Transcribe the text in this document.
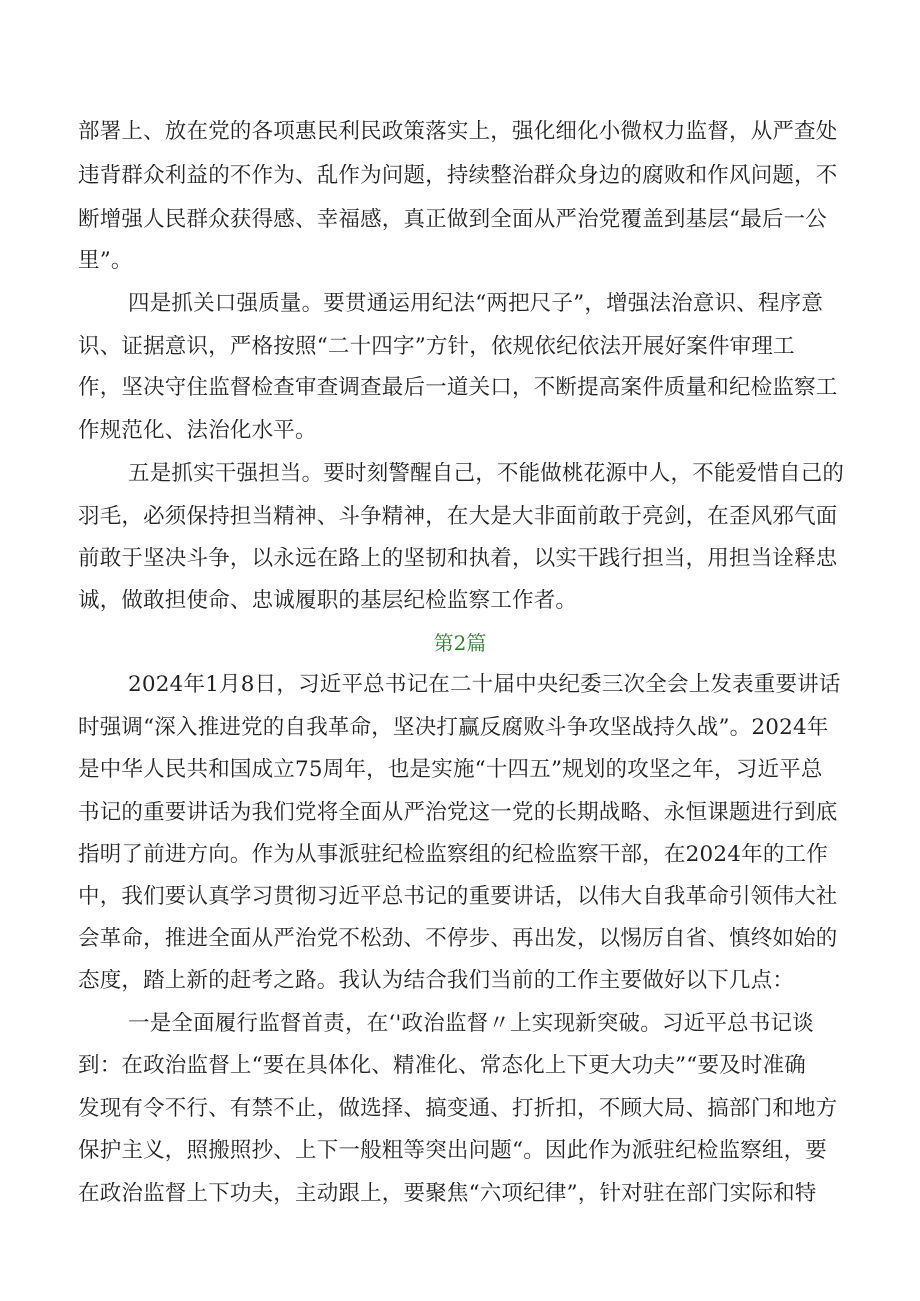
部署上、放在党的各项惠民利民政策落实上，强化细化小微权力监督，从严查处
违背群众利益的不作为、乱作为问题，持续整治群众身边的腐败和作风问题，不
断增强人民群众获得感、幸福感，真正做到全面从严治党覆盖到基层“最后一公
里”。
四是抓关口强质量。要贯通运用纪法“两把尺子”，增强法治意识、程序意
识、证据意识，严格按照“二十四字”方针，依规依纪依法开展好案件审理工
作，坚决守住监督检查审查调查最后一道关口，不断提高案件质量和纪检监察工
作规范化、法治化水平。
五是抓实干强担当。要时刻警醒自己，不能做桃花源中人，不能爱惜自己的
羽毛，必须保持担当精神、斗争精神，在大是大非面前敢于亮剑，在歪风邪气面
前敢于坚决斗争，以永远在路上的坚韧和执着，以实干践行担当，用担当诠释忠
诚，做敢担使命、忠诚履职的基层纪检监察工作者。
第2篇
2024年1月8日，习近平总书记在二十届中央纪委三次全会上发表重要讲话
时强调“深入推进党的自我革命，坚决打赢反腐败斗争攻坚战持久战”。2024年
是中华人民共和国成立75周年，也是实施“十四五”规划的攻坚之年，习近平总
书记的重要讲话为我们党将全面从严治党这一党的长期战略、永恒课题进行到底
指明了前进方向。作为从事派驻纪检监察组的纪检监察干部，在2024年的工作
中，我们要认真学习贯彻习近平总书记的重要讲话，以伟大自我革命引领伟大社
会革命，推进全面从严治党不松劲、不停步、再出发，以惕厉自省、慎终如始的
态度，踏上新的赶考之路。我认为结合我们当前的工作主要做好以下几点：
一是全面履行监督首责，在‘'政治监督〃上实现新突破。习近平总书记谈
到：在政治监督上“要在具体化、精准化、常态化上下更大功夫”“要及时准确
发现有令不行、有禁不止，做选择、搞变通、打折扣，不顾大局、搞部门和地方
保护主义，照搬照抄、上下一般粗等突出问题“。因此作为派驻纪检监察组，要
在政治监督上下功夫，主动跟上，要聚焦“六项纪律”，针对驻在部门实际和特
